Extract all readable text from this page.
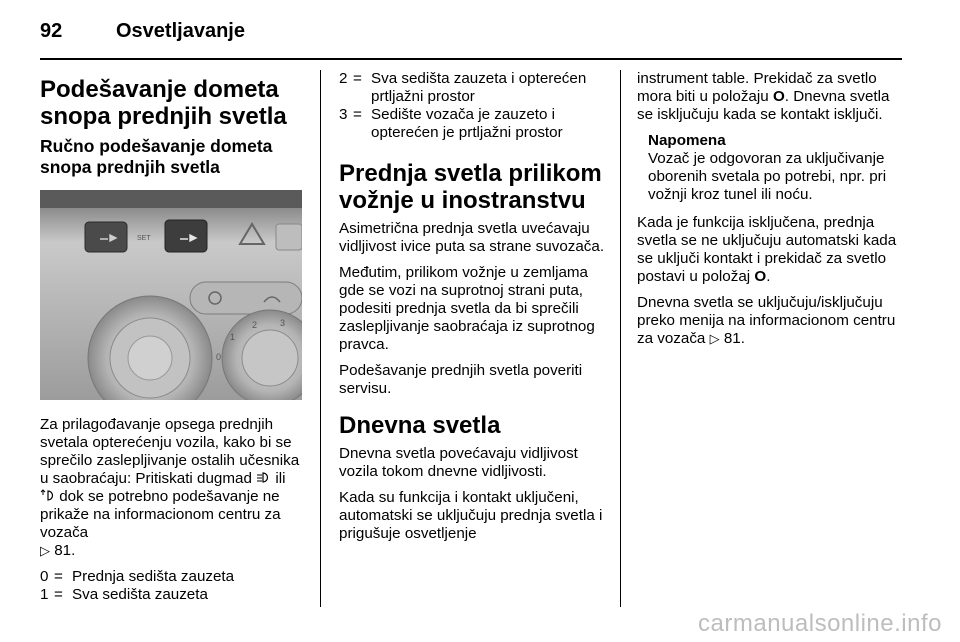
92	Osvetljavanje
Podešavanje dometa snopa prednjih svetla
Ručno podešavanje dometa snopa prednjih svetla
SET
0
1
2	3

Za prilagođavanje opsega prednjih svetala opterećenju vozila, kako bi se sprečilo zaslepljivanje ostalih učesnika u saobraćaju: Pritiskati dugmad ili  dok se potrebno podešavanje ne prikaže na informacionom centru za vozača
▷ 81.

0 = Prednja sedišta zauzeta
1 = Sva sedišta zauzeta
2 = Sva sedišta zauzeta i opterećen prtljažni prostor
3 = Sedište vozača je zauzeto i opterećen je prtljažni prostor
Prednja svetla prilikom vožnje u inostranstvu

Asimetrična prednja svetla uvećavaju vidljivost ivice puta sa strane suvozača.

Međutim, prilikom vožnje u zemljama gde se vozi na suprotnoj strani puta, podesiti prednja svetla da bi sprečili zaslepljivanje saobraćaja iz suprotnog pravca.

Podešavanje prednjih svetla poveriti servisu.

Dnevna svetla

Dnevna svetla povećavaju vidljivost vozila tokom dnevne vidljivosti.

Kada su funkcija i kontakt uključeni, automatski se uključuju prednja svetla i prigušuje osvetljenje

instrument table. Prekidač za svetlo mora biti u položaju O. Dnevna svetla se isključuju kada se kontakt isključi.

Napomena
Vozač je odgovoran za uključivanje oborenih svetala po potrebi, npr. pri vožnji kroz tunel ili noću.

Kada je funkcija isključena, prednja svetla se ne uključuju automatski kada se uključi kontakt i prekidač za svetlo postavi u položaj O.

Dnevna svetla se uključuju/isključuju preko menija na informacionom centru za vozača ▷ 81.

carmanualsonline.info
